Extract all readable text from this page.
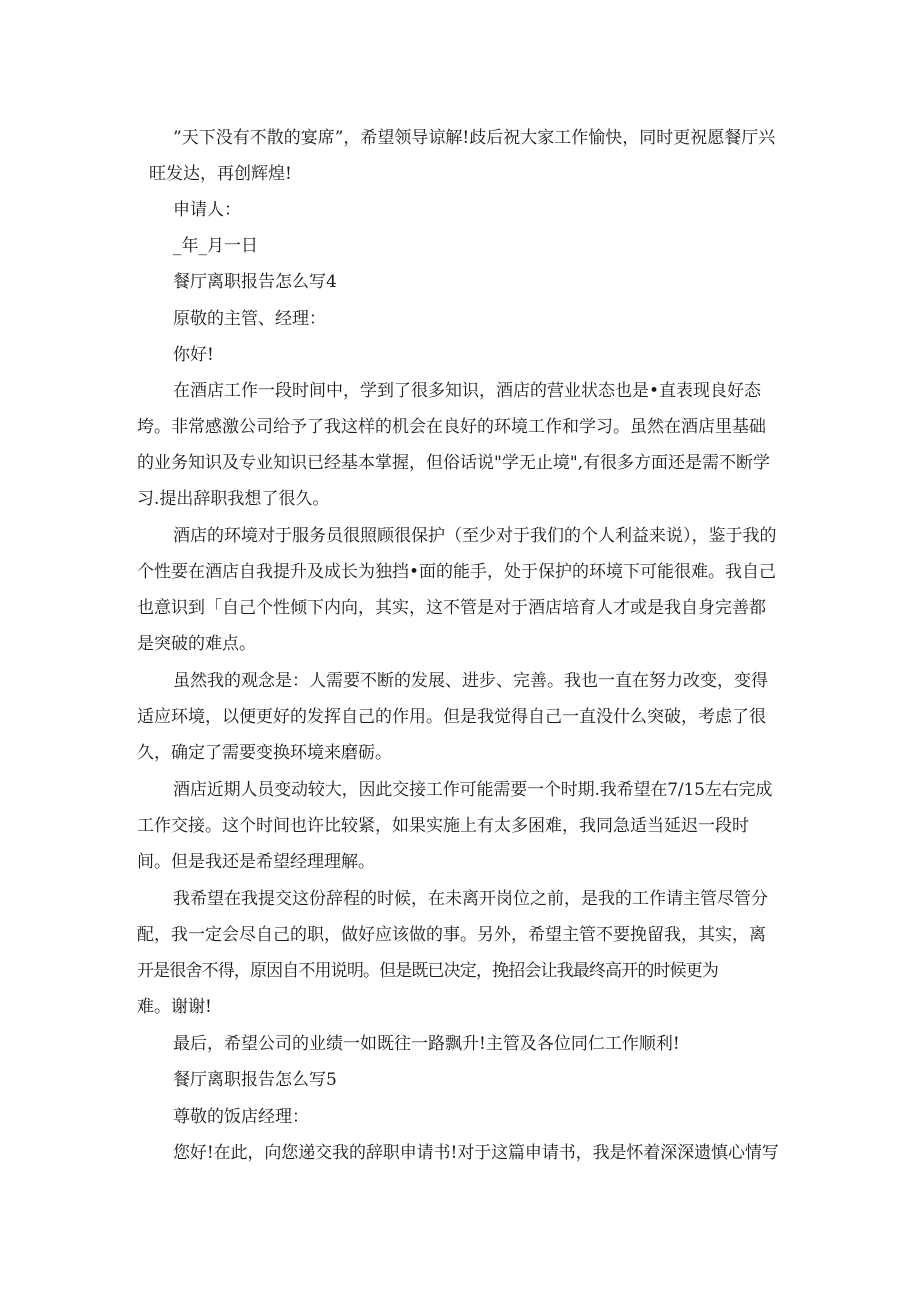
”天下没有不散的宴席”，希望领导谅解!歧后祝大家工作愉快，同时更祝愿餐厅兴
旺发达，再创辉煌!
申请人：
_年_月一日
餐厅离职报告怎么写4
原敬的主管、经理：
你好!
在酒店工作一段时间中，学到了很多知识，酒店的营业状态也是•直表现良好态
垮。非常感激公司给予了我这样的机会在良好的环境工作和学习。虽然在酒店里基础
的业务知识及专业知识已经基本掌握，但俗话说"学无止境",有很多方面还是需不断学
习.提出辞职我想了很久。
酒店的环境对于服务员很照顾很保护（至少对于我们的个人利益来说），鉴于我的
个性要在酒店自我提升及成长为独挡•面的能手，处于保护的环境下可能很难。我自己
也意识到「自己个性倾下内向，其实，这不管是对于酒店培育人才或是我自身完善都
是突破的难点。
虽然我的观念是：人需要不断的发展、进步、完善。我也一直在努力改变，变得
适应环境，以便更好的发挥自己的作用。但是我觉得自己一直没什么突破，考虑了很
久，确定了需要变换环境来磨砺。
酒店近期人员变动较大，因此交接工作可能需要一个时期.我希望在7/15左右完成
工作交接。这个时间也许比较紧，如果实施上有太多困难，我同急适当延迟一段时
间。但是我还是希望经理理解。
我希望在我提交这份辞程的时候，在未离开岗位之前，是我的工作请主管尽管分
配，我一定会尽自己的职，做好应该做的事。另外，希望主管不要挽留我，其实，离
开是很舍不得，原因自不用说明。但是既已决定，挽招会让我最终高开的时候更为
难。谢谢!
最后，希望公司的业绩一如既往一路飘升!主管及各位同仁工作顺利!
餐厅离职报告怎么写5
尊敬的饭店经理：
您好!在此，向您递交我的辞职申请书!对于这篇申请书，我是怀着深深遗慎心情写
